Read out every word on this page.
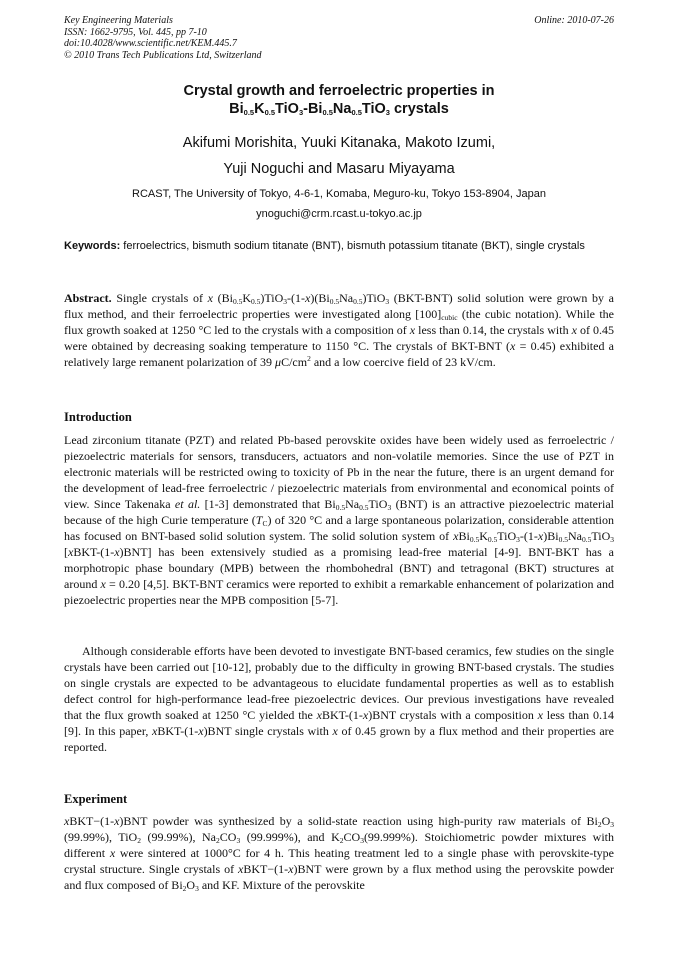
Key Engineering Materials
ISSN: 1662-9795, Vol. 445, pp 7-10
doi:10.4028/www.scientific.net/KEM.445.7
© 2010 Trans Tech Publications Ltd, Switzerland
Online: 2010-07-26
Crystal growth and ferroelectric properties in
$Bi_{0.5}K_{0.5}TiO_3-Bi_{0.5}Na_{0.5}TiO_3$ crystals
Akifumi Morishita, Yuuki Kitanaka, Makoto Izumi,
Yuji Noguchi and Masaru Miyayama
RCAST, The University of Tokyo, 4-6-1, Komaba, Meguro-ku, Tokyo 153-8904, Japan
ynoguchi@crm.rcast.u-tokyo.ac.jp
Keywords: ferroelectrics, bismuth sodium titanate (BNT), bismuth potassium titanate (BKT), single crystals
Abstract. Single crystals of x $(Bi_{0.5}K_{0.5})TiO_3-(1-x)(Bi_{0.5}Na_{0.5})TiO_3$ (BKT-BNT) solid solution were grown by a flux method, and their ferroelectric properties were investigated along $[100]_{cubic}$ (the cubic notation). While the flux growth soaked at 1250 °C led to the crystals with a composition of x less than 0.14, the crystals with x of 0.45 were obtained by decreasing soaking temperature to 1150 °C. The crystals of BKT-BNT (x = 0.45) exhibited a relatively large remanent polarization of 39 $\mu C/cm^2$ and a low coercive field of 23 kV/cm.
Introduction
Lead zirconium titanate (PZT) and related Pb-based perovskite oxides have been widely used as ferroelectric / piezoelectric materials for sensors, transducers, actuators and non-volatile memories. Since the use of PZT in electronic materials will be restricted owing to toxicity of Pb in the near the future, there is an urgent demand for the development of lead-free ferroelectric / piezoelectric materials from environmental and economical points of view. Since Takenaka et al. [1-3] demonstrated that $Bi_{0.5}Na_{0.5}TiO_3$ (BNT) is an attractive piezoelectric material because of the high Curie temperature $(T_C)$ of 320 °C and a large spontaneous polarization, considerable attention has focused on BNT-based solid solution system. The solid solution system of $xBi_{0.5}K_{0.5}TiO_3-(1-x)Bi_{0.5}Na_{0.5}TiO_3$ [xBKT-(1-x)BNT] has been extensively studied as a promising lead-free material [4-9]. BNT-BKT has a morphotropic phase boundary (MPB) between the rhombohedral (BNT) and tetragonal (BKT) structures at around x = 0.20 [4,5]. BKT-BNT ceramics were reported to exhibit a remarkable enhancement of polarization and piezoelectric properties near the MPB composition [5-7].
Although considerable efforts have been devoted to investigate BNT-based ceramics, few studies on the single crystals have been carried out [10-12], probably due to the difficulty in growing BNT-based crystals. The studies on single crystals are expected to be advantageous to elucidate fundamental properties as well as to establish defect control for high-performance lead-free piezoelectric devices. Our previous investigations have revealed that the flux growth soaked at 1250 °C yielded the xBKT-(1-x)BNT crystals with a composition x less than 0.14 [9]. In this paper, xBKT-(1-x)BNT single crystals with x of 0.45 grown by a flux method and their properties are reported.
Experiment
xBKT−(1-x)BNT powder was synthesized by a solid-state reaction using high-purity raw materials of $Bi_2O_3$ (99.99%), TiO$_2$ (99.99%), $Na_2CO_3$ (99.999%), and $K_2CO_3(99.999\%)$. Stoichiometric powder mixtures with different x were sintered at 1000°C for 4 h. This heating treatment led to a single phase with perovskite-type crystal structure. Single crystals of xBKT−(1-x)BNT were grown by a flux method using the perovskite powder and flux composed of $Bi_2O_3$ and KF. Mixture of the perovskite
